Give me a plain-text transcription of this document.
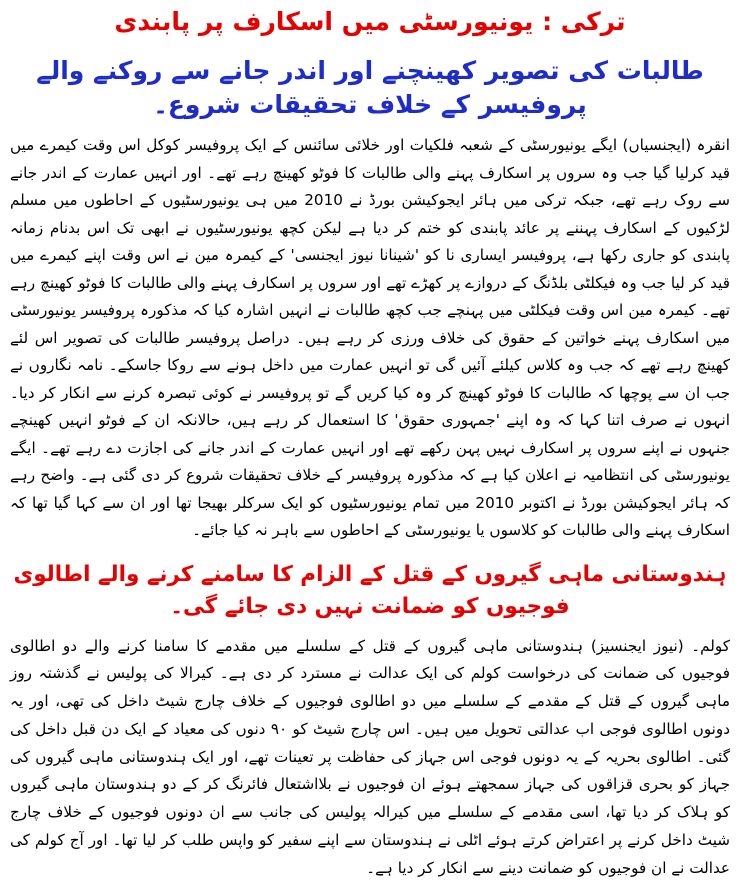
ترکی : یونیورسٹی میں اسکارف پر پابندی
طالبات کی تصویر کھینچنے اور اندر جانے سے روکنے والے پروفیسر کے خلاف تحقیقات شروع۔

انقرہ (ایجنسیاں) ایگے یونیورسٹی کے شعبہ فلکیات اور خلائی سائنس کے ایک پروفیسر کوکل اس وقت کیمرے میں قید کرلیا گیا جب وہ سروں پر اسکارف پہنے والی طالبات کا فوٹو کھینچ رہے تھے۔ اور انہیں عمارت کے اندر جانے سے روک رہے تھے، جبکہ ترکی میں ہائر ایجوکیشن بورڈ نے 2010 میں ہی یونیورسٹیوں کے احاطوں میں مسلم لڑکیوں کے اسکارف پہننے پر عائد پابندی کو ختم کر دیا ہے لیکن کچھ یونیورسٹیوں نے ابھی تک اس بدنام زمانہ پابندی کو جاری رکھا ہے، پروفیسر ایساری نا کو 'شینانا نیوز ایجنسی' کے کیمرہ مین نے اس وقت اپنے کیمرے میں قید کر لیا جب وہ فیکلٹی بلڈنگ کے دروازے پر کھڑے تھے اور سروں پر اسکارف پہنے والی طالبات کا فوٹو کھینچ رہے تھے۔ کیمرہ مین اس وقت فیکلٹی میں پہنچے جب کچھ طالبات نے انہیں اشارہ کیا کہ مذکورہ پروفیسر یونیورسٹی میں اسکارف پہنے خواتین کے حقوق کی خلاف ورزی کر رہے ہیں۔ دراصل پروفیسر طالبات کی تصویر اس لئے کھینچ رہے تھے کہ جب وہ کلاس کیلئے آئیں گی تو انہیں عمارت میں داخل ہونے سے روکا جاسکے۔ نامہ نگاروں نے جب ان سے پوچھا کہ طالبات کا فوٹو کھینچ کر وہ کیا کریں گے تو پروفیسر نے کوئی تبصرہ کرنے سے انکار کر دیا۔ انہوں نے صرف اتنا کہا کہ وہ اپنے 'جمہوری حقوق' کا استعمال کر رہے ہیں، حالانکہ ان کے فوٹو انہیں کھینچے جنہوں نے اپنے سروں پر اسکارف نہیں پہن رکھے تھے اور انہیں عمارت کے اندر جانے کی اجازت دے رہے تھے۔ ایگے یونیورسٹی کی انتظامیہ نے اعلان کیا ہے کہ مذکورہ پروفیسر کے خلاف تحقیقات شروع کر دی گئی ہے۔ واضح رہے کہ ہائر ایجوکیشن بورڈ نے اکتوبر 2010 میں تمام یونیورسٹیوں کو ایک سرکلر بھیجا تھا اور ان سے کہا گیا تھا کہ اسکارف پہنے والی طالبات کو کلاسوں یا یونیورسٹی کے احاطوں سے باہر نہ کیا جائے۔

ہندوستانی ماہی گیروں کے قتل کے الزام کا سامنے کرنے والے اطالوی فوجیوں کو ضمانت نہیں دی جائے گی۔

کولم۔ (نیوز ایجنسیز) ہندوستانی ماہی گیروں کے قتل کے سلسلے میں مقدمے کا سامنا کرنے والے دو اطالوی فوجیوں کی ضمانت کی درخواست کولم کی ایک عدالت نے مسترد کر دی ہے۔ کیرالا کی پولیس نے گذشتہ روز ماہی گیروں کے قتل کے مقدمے کے سلسلے میں دو اطالوی فوجیوں کے خلاف چارج شیٹ داخل کی تھی، اور یہ دونوں اطالوی فوجی اب عدالتی تحویل میں ہیں۔ اس چارج شیٹ کو ۹۰ دنوں کی معیاد کے ایک دن قبل داخل کی گئی۔ اطالوی بحریہ کے یہ دونوں فوجی اس جہاز کی حفاظت پر تعینات تھے، اور ایک ہندوستانی ماہی گیروں کی جہاز کو بحری قزاقوں کی جہاز سمجھتے ہوئے ان فوجیوں نے بلااشتعال فائرنگ کر کے دو ہندوستان ماہی گیروں کو ہلاک کر دیا تھا، اسی مقدمے کے سلسلے میں کیرالہ پولیس کی جانب سے ان دونوں فوجیوں کے خلاف چارج شیٹ داخل کرنے پر اعتراض کرتے ہوئے اٹلی نے ہندوستان سے اپنے سفیر کو واپس طلب کر لیا تھا۔ اور آج کولم کی عدالت نے ان فوجیوں کو ضمانت دینے سے انکار کر دیا ہے۔
